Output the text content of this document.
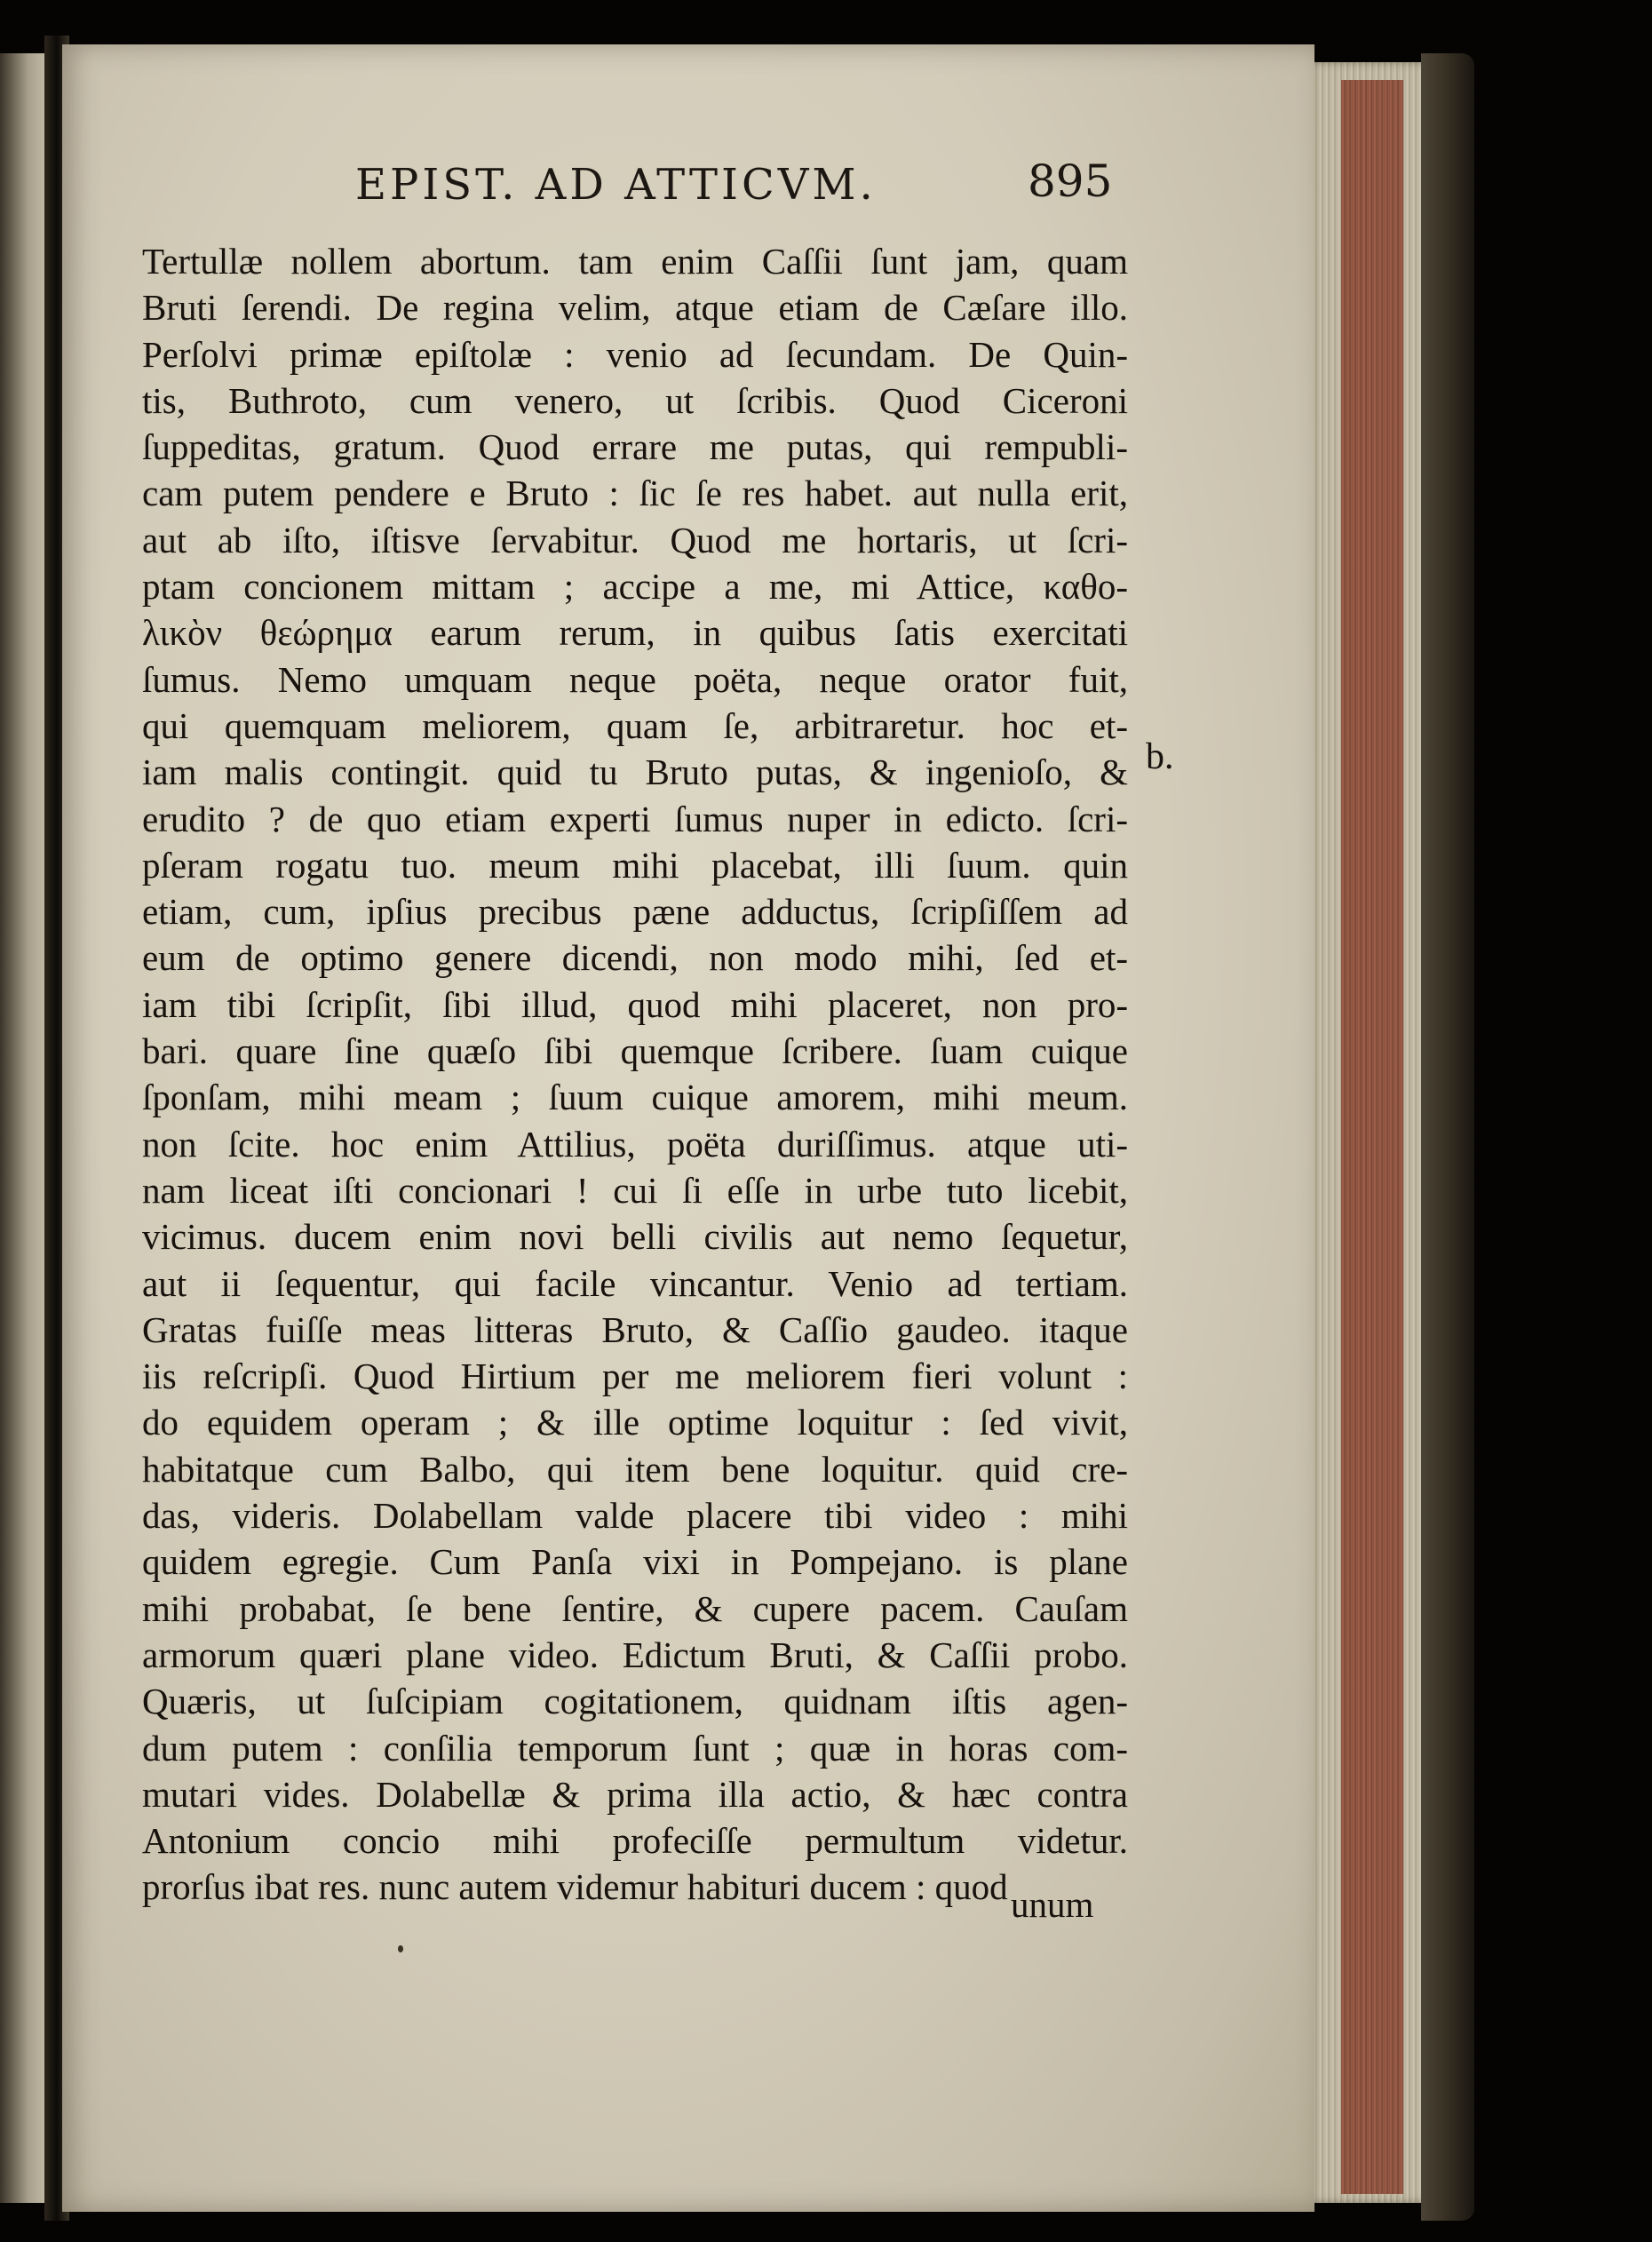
EPIST. AD ATTICVM.	895
Tertullæ nollem abortum. tam enim Caſſii ſunt jam, quam
Bruti ſerendi. De regina velim, atque etiam de Cæſare illo.
Perſolvi primæ epiſtolæ : venio ad ſecundam. De Quin-
tis, Buthroto, cum venero, ut ſcribis. Quod Ciceroni
ſuppeditas, gratum. Quod errare me putas, qui rempubli-
cam putem pendere e Bruto : ſic ſe res habet. aut nulla erit,
aut ab iſto, iſtisve ſervabitur. Quod me hortaris, ut ſcri-
ptam concionem mittam ; accipe a me, mi Attice, καθο-
λικὸν θεώρημα earum rerum, in quibus ſatis exercitati
ſumus. Nemo umquam neque poëta, neque orator fuit,
qui quemquam meliorem, quam ſe, arbitraretur. hoc et-
iam malis contingit. quid tu Bruto putas, & ingenioſo, &
erudito ? de quo etiam experti ſumus nuper in edicto. ſcri-
pſeram rogatu tuo. meum mihi placebat, illi ſuum. quin
etiam, cum, ipſius precibus pæne adductus, ſcripſiſſem ad
eum de optimo genere dicendi, non modo mihi, ſed et-
iam tibi ſcripſit, ſibi illud, quod mihi placeret, non pro-
bari. quare ſine quæſo ſibi quemque ſcribere. ſuam cuique
ſponſam, mihi meam ; ſuum cuique amorem, mihi meum.
non ſcite. hoc enim Attilius, poëta duriſſimus. atque uti-
nam liceat iſti concionari ! cui ſi eſſe in urbe tuto licebit,
vicimus. ducem enim novi belli civilis aut nemo ſequetur,
aut ii ſequentur, qui facile vincantur. Venio ad tertiam.
Gratas fuiſſe meas litteras Bruto, & Caſſio gaudeo. itaque
iis reſcripſi. Quod Hirtium per me meliorem fieri volunt :
do equidem operam ; & ille optime loquitur : ſed vivit,
habitatque cum Balbo, qui item bene loquitur. quid cre-
das, videris. Dolabellam valde placere tibi video : mihi
quidem egregie. Cum Panſa vixi in Pompejano. is plane
mihi probabat, ſe bene ſentire, & cupere pacem. Cauſam
armorum quæri plane video. Edictum Bruti, & Caſſii probo.
Quæris, ut ſuſcipiam cogitationem, quidnam iſtis agen-
dum putem : conſilia temporum ſunt ; quæ in horas com-
mutari vides. Dolabellæ & prima illa actio, & hæc contra
Antonium concio mihi profeciſſe permultum videtur.
prorſus ibat res. nunc autem videmur habituri ducem : quod
b.
unum
